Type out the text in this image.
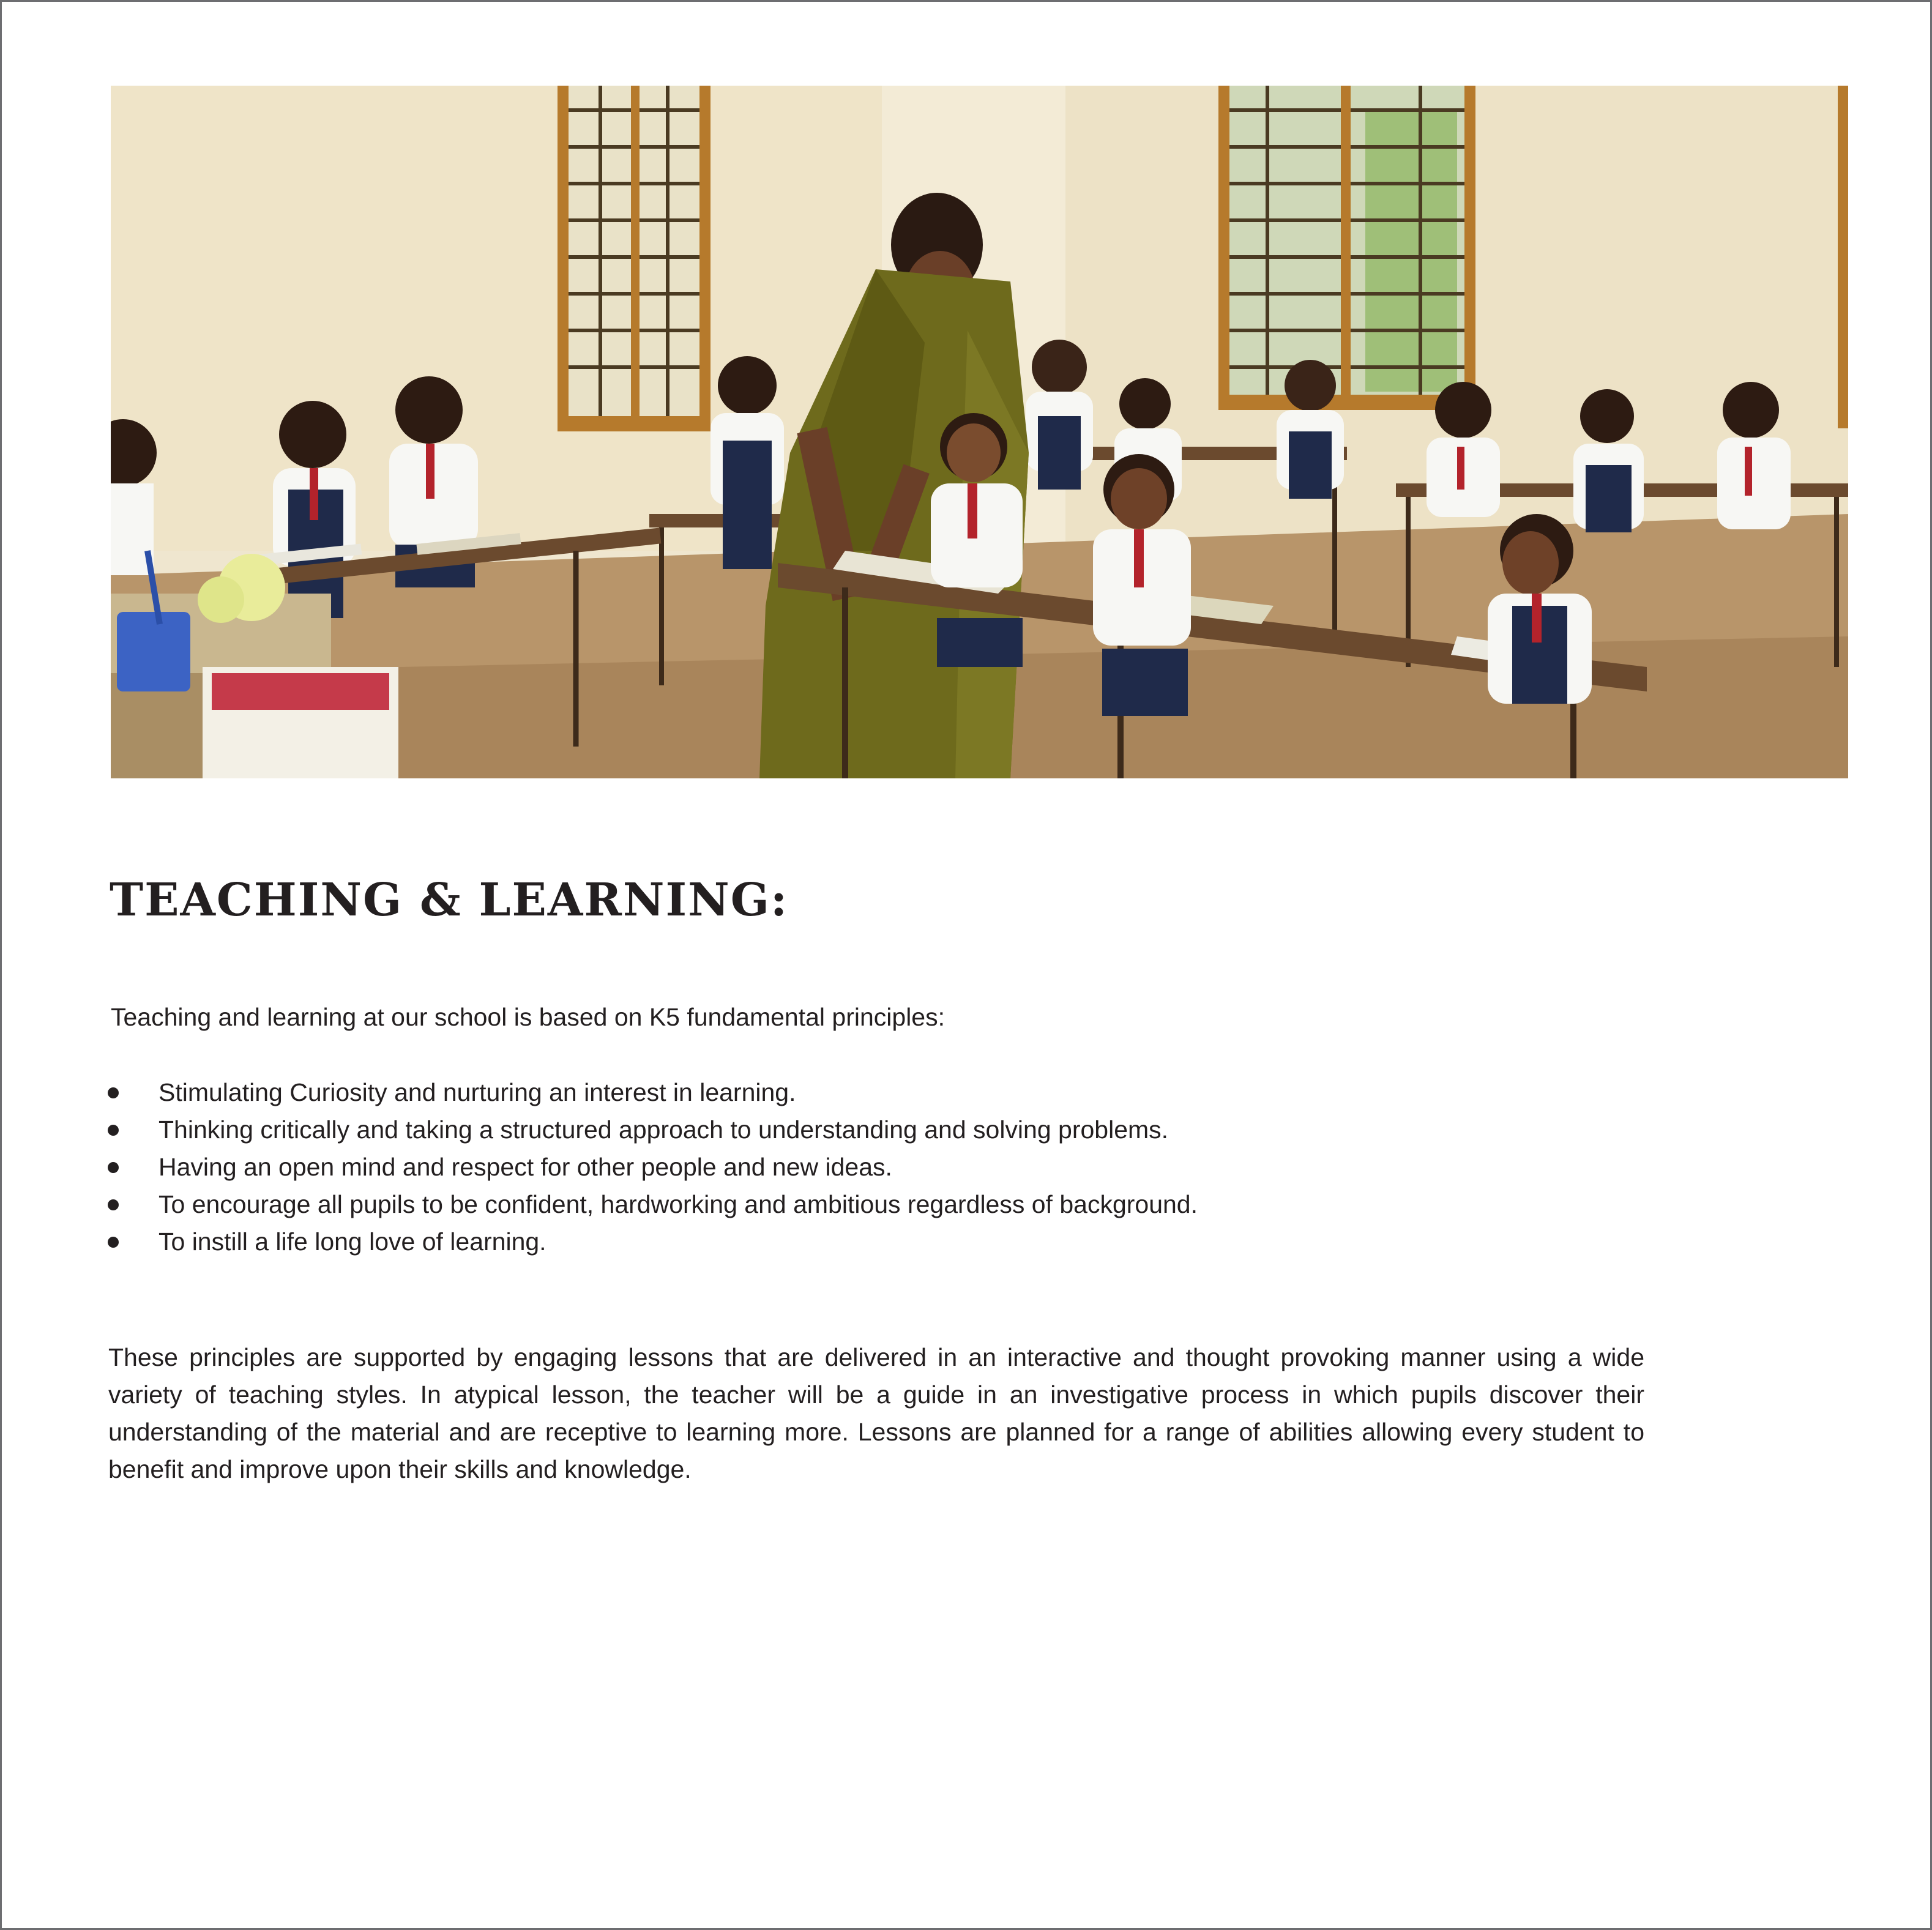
TEACHING & LEARNING:

Teaching and learning at our school is based on K5 fundamental principles:

Stimulating Curiosity and nurturing an interest in learning.
Thinking critically and taking a structured approach to understanding and solving problems.
Having an open mind and respect for other people and new ideas.
To encourage all pupils to be confident, hardworking and ambitious regardless of background.
To instill a life long love of learning.

These principles are supported by engaging lessons that are delivered in an interactive and thought provoking manner using a wide variety of teaching styles. In atypical lesson, the teacher will be a guide in an investigative process in which pupils discover their understanding of the material and are receptive to learning more. Lessons are planned for a range of abilities allowing every student to benefit and improve upon their skills and knowledge.
